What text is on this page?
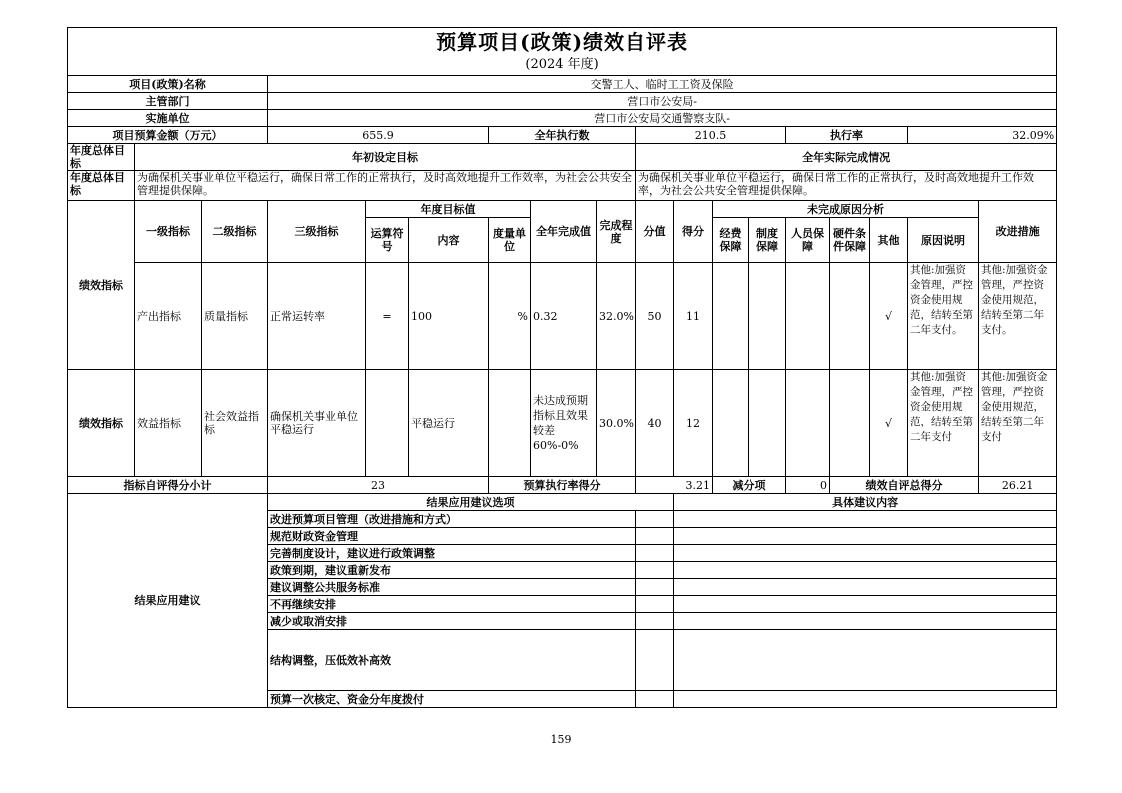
预算项目(政策)绩效自评表																	
(2024 年度)																	
项目(政策)名称			交警工人、临时工工资及保险														
主管部门			营口市公安局-														
实施单位			营口市公安局交通警察支队-														
项目预算金额（万元）			655.9			全年执行数			210.5				执行率			32.09%	
年度总体目标	年初设定目标								全年实际完成情况								
年度总体目标	为确保机关事业单位平稳运行，确保日常工作的正常执行，及时高效地提升工作效率，为社会公共安全管理提供保障。								为确保机关事业单位平稳运行，确保日常工作的正常执行，及时高效地提升工作效率，为社会公共安全管理提供保障。								
绩效指标	一级指标	二级指标	三级指标	年度目标值			全年完成值	完成程度	分值	得分	未完成原因分析						改进措施
				运算符号	内容	度量单位					经费保障	制度保障	人员保障	硬件条件保障	其他	原因说明	
	产出指标	质量指标	正常运转率	=	100	%	0.32	32.0%	50	11					√	其他:加强资金管理，严控资金使用规范，结转至第二年支付。	其他:加强资金管理，严控资金使用规范，结转至第二年支付。
绩效指标	效益指标	社会效益指标	确保机关事业单位平稳运行		平稳运行		未达成预期指标且效果较差60%-0%	30.0%	40	12					√	其他:加强资金管理，严控资金使用规范，结转至第二年支付	其他:加强资金管理，严控资金使用规范，结转至第二年支付
指标自评得分小计			23			预算执行率得分			3.21		减分项		0	绩效自评总得分			26.21
结果应用建议			结果应用建议选项							具体建议内容							
			改进预算项目管理（改进措施和方式）														
			规范财政资金管理														
			完善制度设计，建议进行政策调整														
			政策到期，建议重新发布														
			建议调整公共服务标准														
			不再继续安排														
			减少或取消安排														
			结构调整，压低效补高效														
			预算一次核定、资金分年度拨付														
159
